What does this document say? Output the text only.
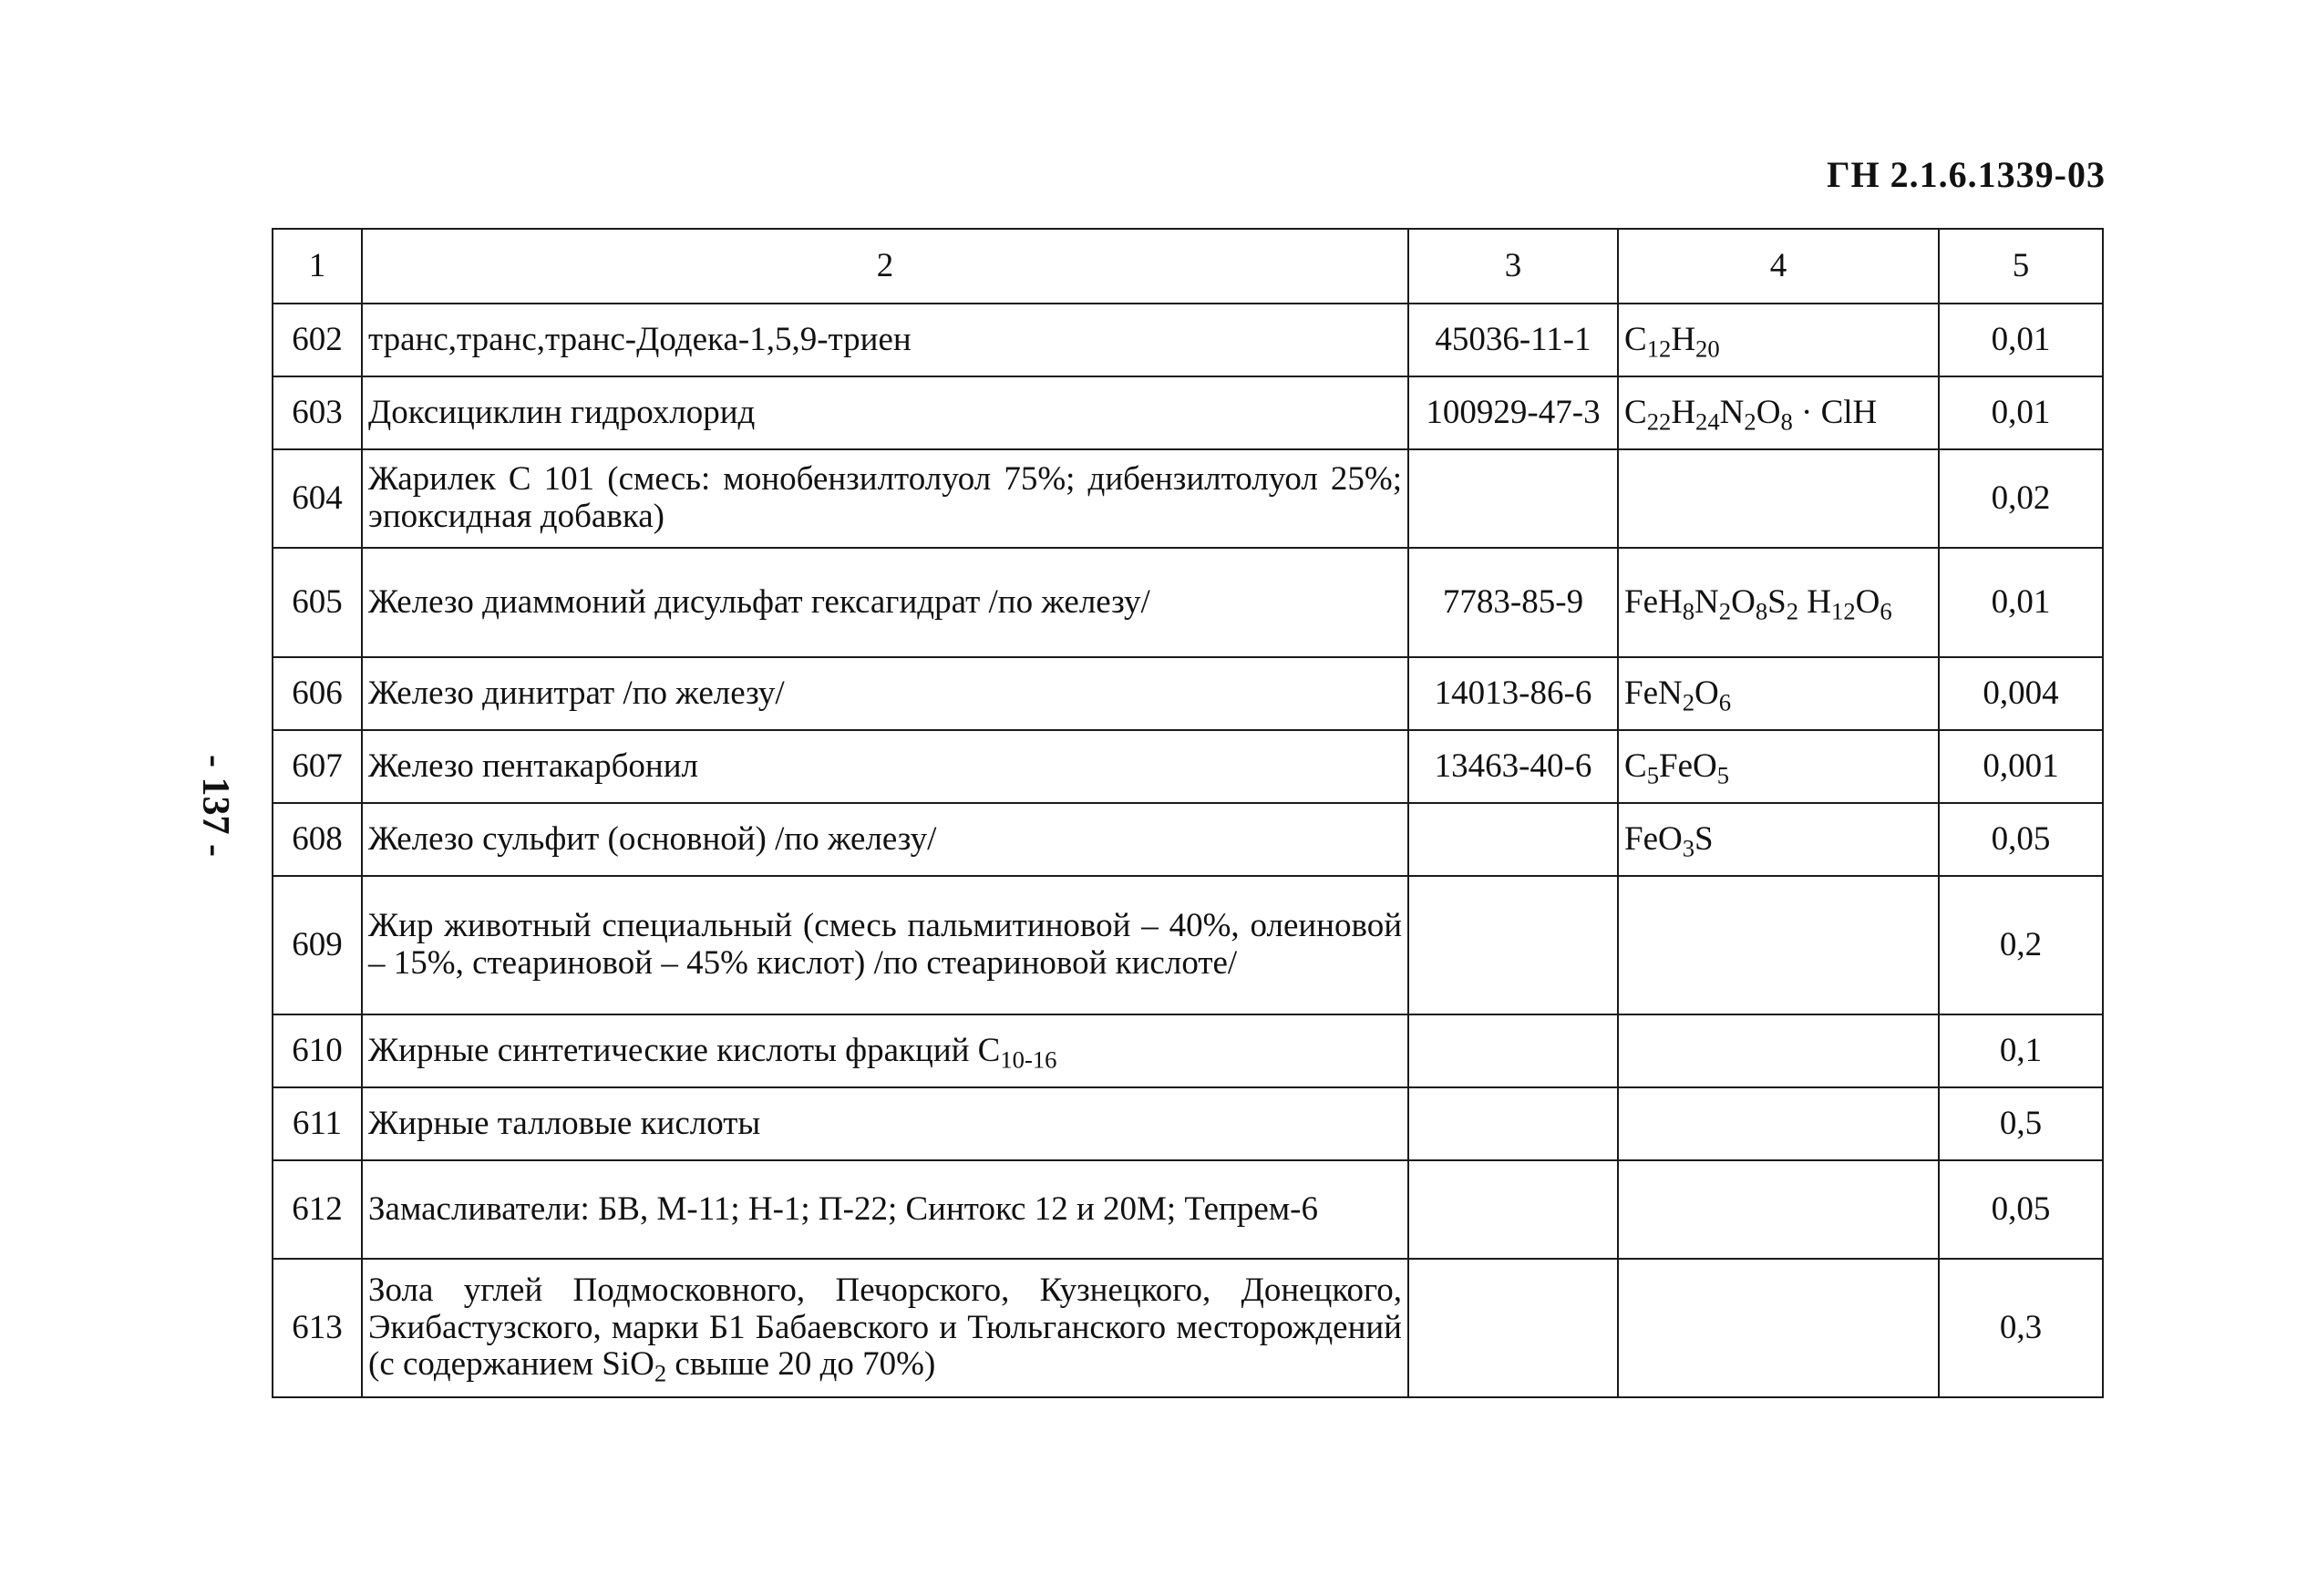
ГН 2.1.6.1339-03
- 137 -
1	2	3	4	5
602	транс,транс,транс-Додека-1,5,9-триен	45036-11-1	$C_{12}H_{20}$	0,01
603	Доксициклин гидрохлорид	100929-47-3	$C_{22}H_{24}N_2O_8$ · ClH	0,01
604	Жарилек С 101 (смесь: монобензилтолуол 75%; дибензилтолуол 25%; эпоксидная добавка)			0,02
605	Железо диаммоний дисульфат гексагидрат /по железу/	7783-85-9	$FeH_8N_2O_8S_2$ $H_{12}O_6$	0,01
606	Железо динитрат /по железу/	14013-86-6	$FeN_2O_6$	0,004
607	Железо пентакарбонил	13463-40-6	$C_5FeO_5$	0,001
608	Железо сульфит (основной) /по железу/		FeO$_3$S	0,05
609	Жир животный специальный (смесь пальмитиновой – 40%, олеиновой – 15%, стеариновой – 45% кислот) /по стеариновой кислоте/			0,2
610	Жирные синтетические кислоты фракций $C_{10-16}$			0,1
611	Жирные талловые кислоты			0,5
612	Замасливатели: БВ, М-11; Н-1; П-22; Синтокс 12 и 20М; Тепрем-6			0,05
613	Зола углей Подмосковного, Печорского, Кузнецкого, Донецкого, Экибастузского, марки Б1 Бабаевского и Тюльганского месторождений (с содержанием SiO$_2$ свыше 20 до 70%)			0,3
